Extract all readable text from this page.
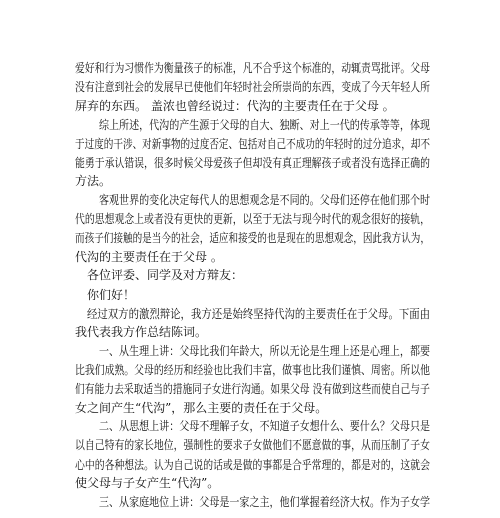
爱好和行为习惯作为衡量孩子的标准，凡不合乎这个标准的，动辄责骂批评。父母
没有注意到社会的发展早已使他们年轻时社会所崇尚的东西，变成了今天年轻人所
屏弃的东西。 盖浓也曾经说过：代沟的主要责任在于父母 。
综上所述，代沟的产生源于父母的自大、独断、对上一代的传承等等，体现
于过度的干涉、对新事物的过度否定、包括对自己不成功的年轻时的过分追求，却不
能勇于承认错误，很多时候父母爱孩子但却没有真正理解孩子或者没有选择正确的
方法。
客观世界的变化决定每代人的思想观念是不同的。父母们还停在他们那个时
代的思想观念上或者没有更快的更新，以至于无法与现今时代的观念很好的接轨，
而孩子们接触的是当今的社会，适应和接受的也是现在的思想观念，因此我方认为，
代沟的主要责任在于父母 。
各位评委、同学及对方辩友：
你们好！
经过双方的激烈辩论，我方还是始终坚持代沟的主要责任在于父母。下面由
我代表我方作总结陈词。
一、从生理上讲：父母比我们年龄大，所以无论是生理上还是心理上，都要
比我们成熟。父母的经历和经验也比我们丰富，做事也比我们谨慎、周密。所以他
们有能力去采取适当的措施同子女进行沟通。如果父母 没有做到这些而使自己与子
女之间产生“代沟”，那么主要的责任在于父母。
二、从思想上讲：父母不理解子女，不知道子女想什么、要什么？父母只是
以自己特有的家长地位，强制性的要求子女做他们不愿意做的事，从而压制了子女
心中的各种想法。认为自己说的话或是做的事都是合乎常理的，都是对的，这就会
使父母与子女产生“代沟”。
三、从家庭地位上讲：父母是一家之主，他们掌握着经济大权。作为子女学
